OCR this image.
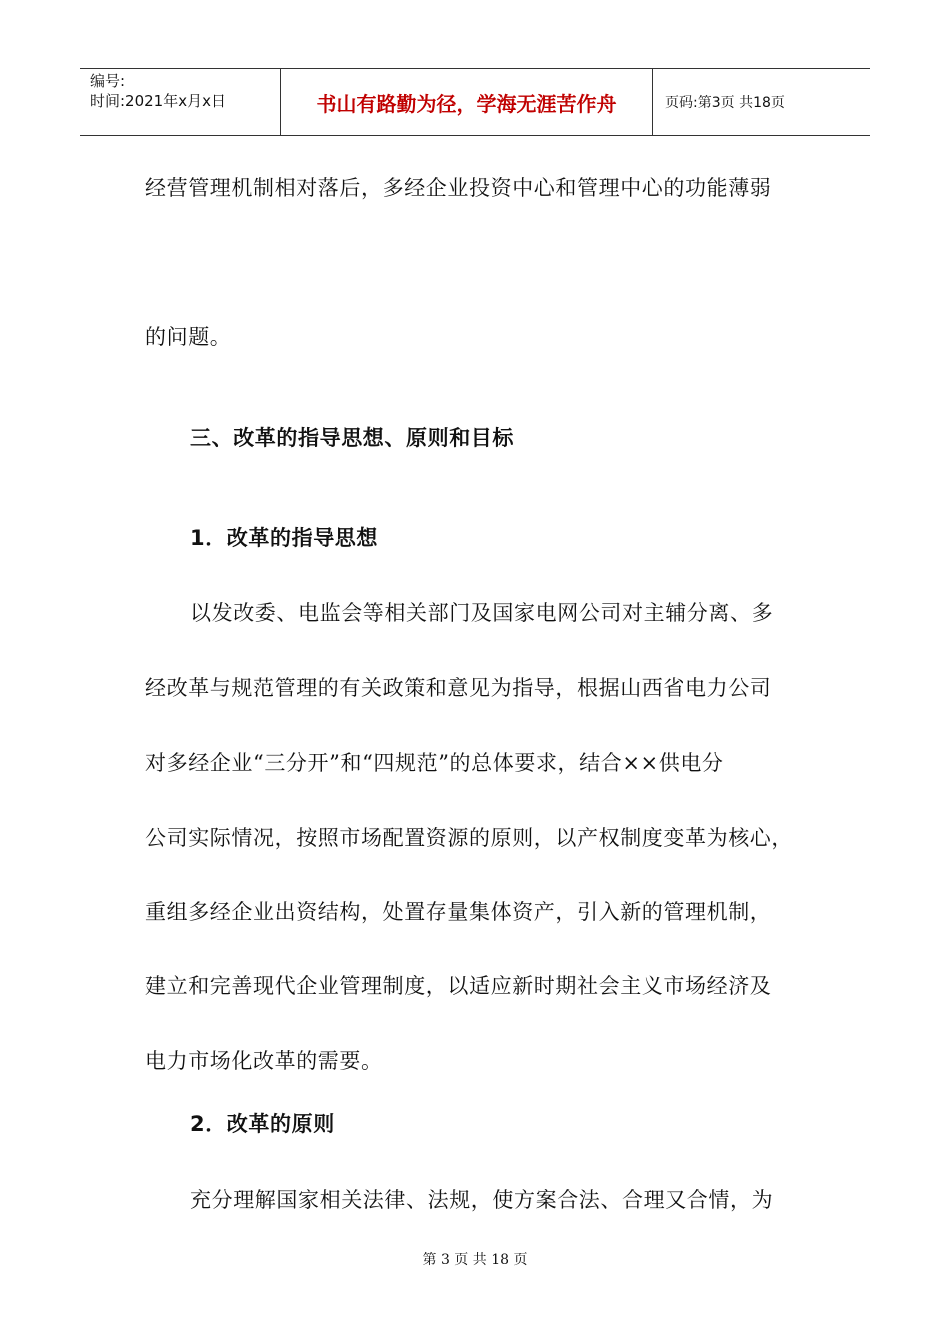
编号:
时间:2021年x月x日	书山有路勤为径，学海无涯苦作舟	页码:第3页 共18页
经营管理机制相对落后，多经企业投资中心和管理中心的功能薄弱
的问题。
三、改革的指导思想、原则和目标
1．改革的指导思想
以发改委、电监会等相关部门及国家电网公司对主辅分离、多
经改革与规范管理的有关政策和意见为指导，根据山西省电力公司
对多经企业“三分开”和“四规范”的总体要求，结合××供电分
公司实际情况，按照市场配置资源的原则，以产权制度变革为核心，
重组多经企业出资结构，处置存量集体资产，引入新的管理机制，
建立和完善现代企业管理制度，以适应新时期社会主义市场经济及
电力市场化改革的需要。
2．改革的原则
充分理解国家相关法律、法规，使方案合法、合理又合情，为
第 3 页 共 18 页
